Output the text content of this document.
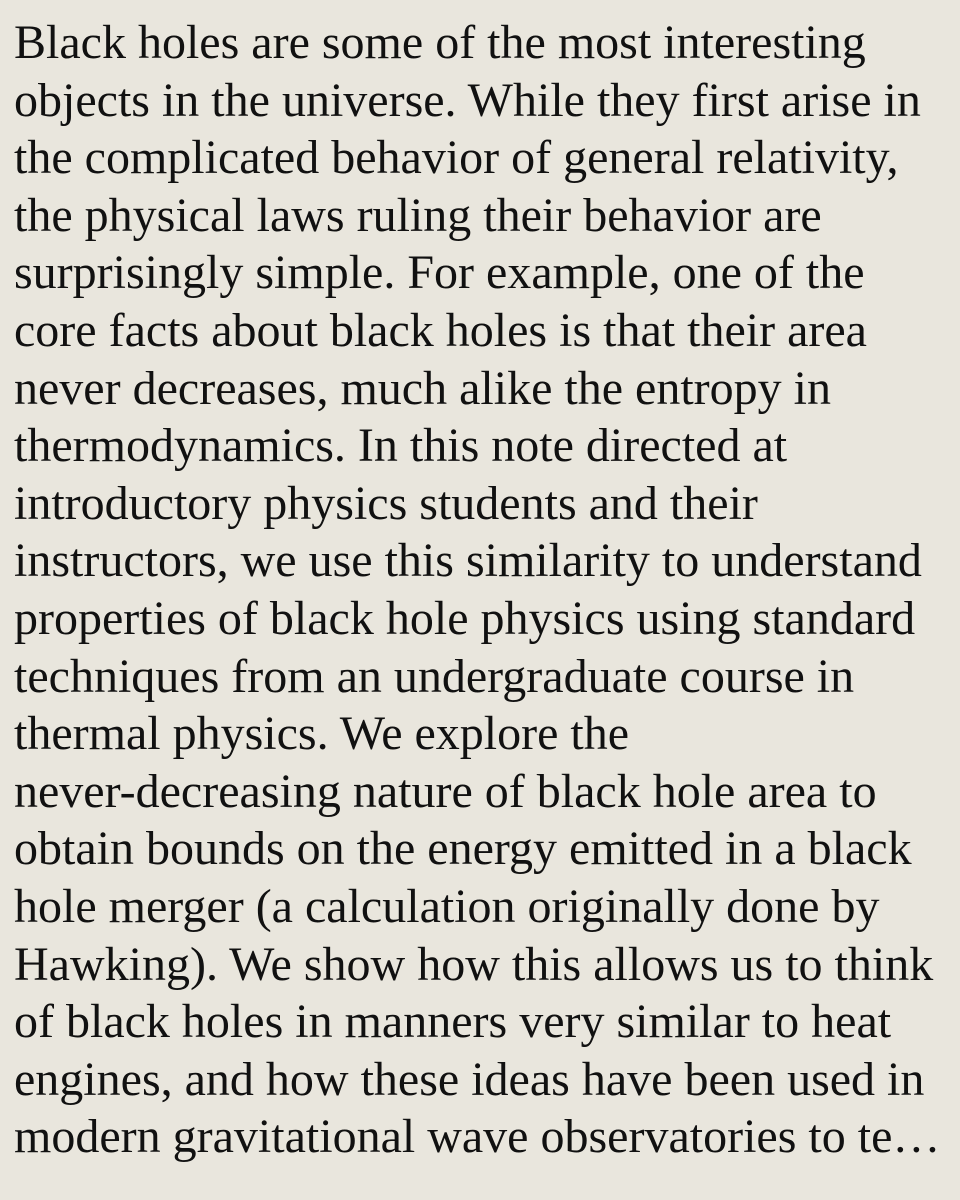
Black holes are some of the most interesting
objects in the universe. While they first arise in
the complicated behavior of general relativity,
the physical laws ruling their behavior are
surprisingly simple. For example, one of the
core facts about black holes is that their area
never decreases, much alike the entropy in
thermodynamics. In this note directed at
introductory physics students and their
instructors, we use this similarity to understand
properties of black hole physics using standard
techniques from an undergraduate course in
thermal physics. We explore the
never-decreasing nature of black hole area to
obtain bounds on the energy emitted in a black
hole merger (a calculation originally done by
Hawking). We show how this allows us to think
of black holes in manners very similar to heat
engines, and how these ideas have been used in
modern gravitational wave observatories to te…
